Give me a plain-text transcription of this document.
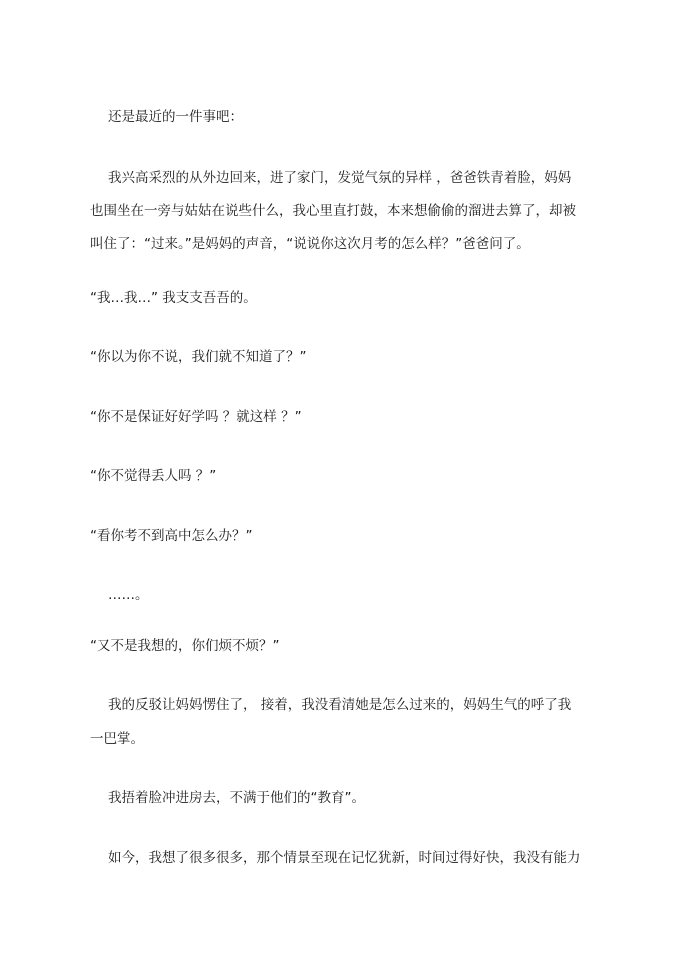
还是最近的一件事吧：
我兴高采烈的从外边回来，进了家门，发觉气氛的异样 ，爸爸铁青着脸，妈妈
也围坐在一旁与姑姑在说些什么，我心里直打鼓，本来想偷偷的溜进去算了，却被
叫住了：“过来。”是妈妈的声音，“说说你这次月考的怎么样？”爸爸问了。
“我…我…” 我支支吾吾的。
“你以为你不说，我们就不知道了？”
“你不是保证好好学吗 ？就这样 ？”
“你不觉得丢人吗 ？”
“看你考不到高中怎么办？”
……。
“又不是我想的，你们烦不烦？”
我的反驳让妈妈愣住了， 接着，我没看清她是怎么过来的，妈妈生气的呼了我
一巴掌。
我捂着脸冲进房去，不满于他们的“教育”。
如今，我想了很多很多，那个情景至现在记忆犹新，时间过得好快，我没有能力
